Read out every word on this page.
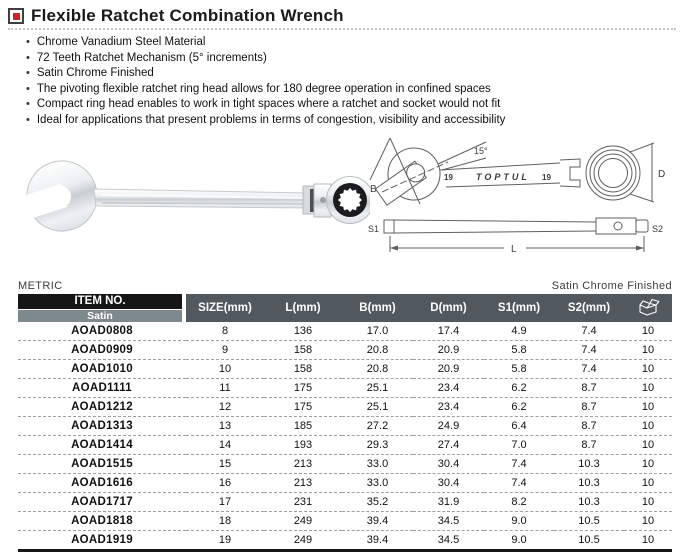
Flexible Ratchet Combination Wrench
•
Chrome Vanadium Steel Material
•
72 Teeth Ratchet Mechanism (5° increments)
•
Satin Chrome Finished
•
The pivoting flexible ratchet ring head allows for 180 degree operation in confined spaces
•
Compact ring head enables to work in tight spaces where a ratchet and socket would not fit
•
Ideal for applications that present problems in terms of congestion, visibility and accessibility
B
15°
19	TOPTUL 19	D
S1	S2
L
METRIC	Satin Chrome Finished
ITEM NO.
Satin	SIZE(mm)	L(mm)	B(mm)	D(mm)	S1(mm)	S2(mm)	
AOAD0808	8	136	17.0	17.4	4.9	7.4	10
AOAD0909	9	158	20.8	20.9	5.8	7.4	10
AOAD1010	10	158	20.8	20.9	5.8	7.4	10
AOAD1111	11	175	25.1	23.4	6.2	8.7	10
AOAD1212	12	175	25.1	23.4	6.2	8.7	10
AOAD1313	13	185	27.2	24.9	6.4	8.7	10
AOAD1414	14	193	29.3	27.4	7.0	8.7	10
AOAD1515	15	213	33.0	30.4	7.4	10.3	10
AOAD1616	16	213	33.0	30.4	7.4	10.3	10
AOAD1717	17	231	35.2	31.9	8.2	10.3	10
AOAD1818	18	249	39.4	34.5	9.0	10.5	10
AOAD1919	19	249	39.4	34.5	9.0	10.5	10
